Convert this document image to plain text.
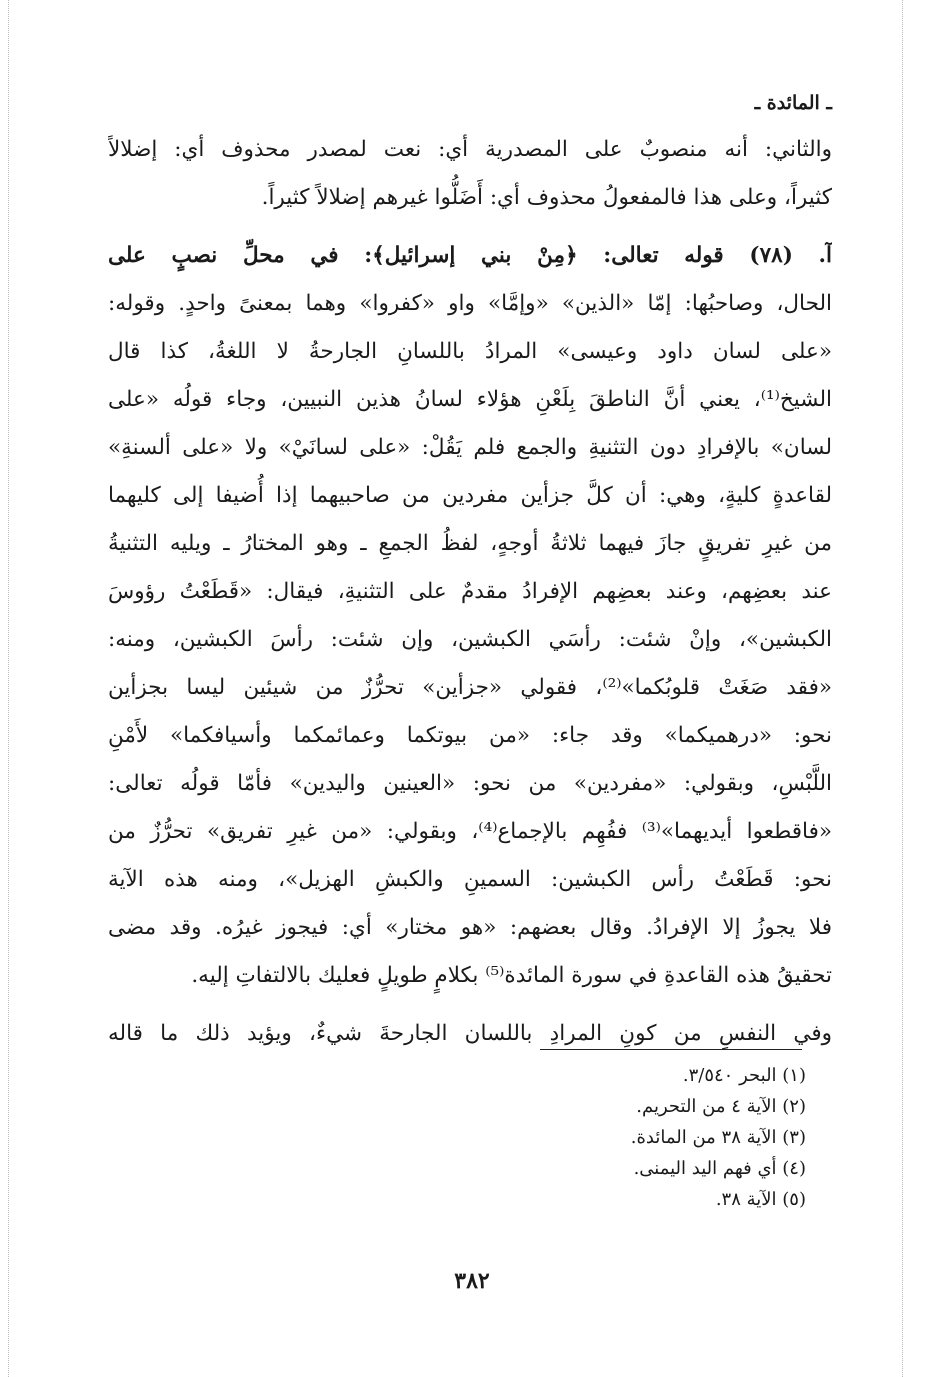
ـ المائدة ـ
والثاني: أنه منصوبٌ على المصدرية أي: نعت لمصدر محذوف أي: إضلالاً
كثيراً، وعلى هذا فالمفعولُ محذوف أي: أَضَلُّوا غيرهم إضلالاً كثيراً.
آ. (٧٨) قوله تعالى: ﴿مِنْ بني إسرائيل﴾: في محلِّ نصبٍ على
الحال، وصاحبُها: إمّا «الذين» «وإمَّا» واو «كفروا» وهما بمعنىً واحدٍ. وقوله:
«على لسان داود وعيسى» المرادُ باللسانِ الجارحةُ لا اللغةُ، كذا قال
الشيخ⁽¹⁾، يعني أنَّ الناطقَ بِلَعْنِ هؤلاء لسانُ هذين النبيين، وجاء قولُه «على
لسان» بالإفرادِ دون التثنيةِ والجمع فلم يَقُلْ: «على لسانَيْ» ولا «على ألسنةِ»
لقاعدةٍ كليةٍ، وهي: أن كلَّ جزأين مفردين من صاحبيهما إذا أُضيفا إلى كليهما
من غيرِ تفريقٍ جازَ فيهما ثلاثةُ أوجهٍ، لفظُ الجمعِ ـ وهو المختارُ ـ ويليه التثنيةُ
عند بعضِهم، وعند بعضِهم الإفرادُ مقدمٌ على التثنيةِ، فيقال: «قَطَعْتُ رؤوسَ
الكبشين»، وإنْ شئت: رأسَي الكبشين، وإن شئت: رأسَ الكبشين، ومنه:
«فقد صَغَتْ قلوبُكما»⁽²⁾، فقولي «جزأين» تحرُّزٌ من شيئين ليسا بجزأين
نحو: «درهميكما» وقد جاء: «من بيوتكما وعمائمكما وأسيافكما» لأَمْنِ
اللَّبْسِ، وبقولي: «مفردين» من نحو: «العينين واليدين» فأمّا قولُه تعالى:
«فاقطعوا أيديهما»⁽³⁾ ففُهِم بالإجماع⁽⁴⁾، وبقولي: «من غيرِ تفريق» تحرُّزٌ من
نحو: قَطَعْتُ رأس الكبشين: السمينِ والكبشِ الهزيل»، ومنه هذه الآية
فلا يجوزُ إلا الإفرادُ. وقال بعضهم: «هو مختار» أي: فيجوز غيرُه. وقد مضى
تحقيقُ هذه القاعدةِ في سورة المائدة⁽⁵⁾ بكلامٍ طويلٍ فعليك بالالتفاتِ إليه.
وفي النفسِ من كونِ المرادِ باللسان الجارحةَ شيءٌ، ويؤيد ذلك ما قاله
(١) البحر ٣/٥٤٠.
(٢) الآية ٤ من التحريم.
(٣) الآية ٣٨ من المائدة.
(٤) أي فهم اليد اليمنى.
(٥) الآية ٣٨.
٣٨٢
